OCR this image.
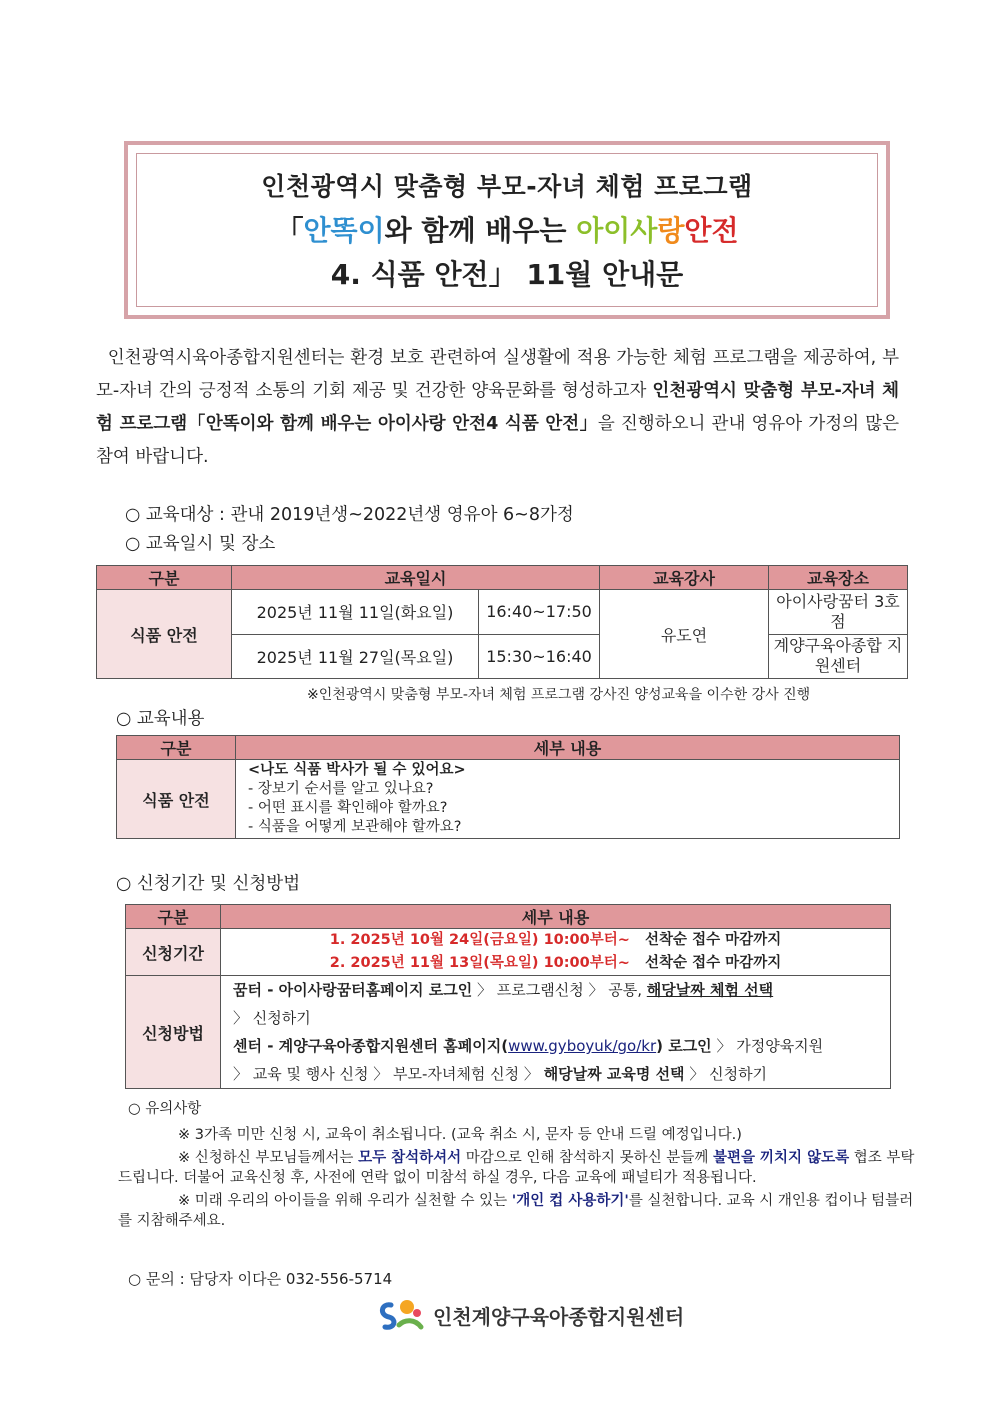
인천광역시 맞춤형 부모-자녀 체험 프로그램
「안똑이와 함께 배우는 아이사랑안전
4. 식품 안전」 11월 안내문
인천광역시육아종합지원센터는 환경 보호 관련하여 실생활에 적용 가능한 체험 프로그램을 제공하여, 부모-자녀 간의 긍정적 소통의 기회 제공 및 건강한 양육문화를 형성하고자 인천광역시 맞춤형 부모-자녀 체험 프로그램「안똑이와 함께 배우는 아이사랑 안전4 식품 안전」을 진행하오니 관내 영유아 가정의 많은 참여 바랍니다.
○ 교육대상 : 관내 2019년생~2022년생 영유아 6~8가정
○ 교육일시 및 장소
구분	교육일시		교육강사	교육장소
식품 안전	2025년 11월 11일(화요일)	16:40~17:50	유도연	아이사랑꿈터 3호점
	2025년 11월 27일(목요일)	15:30~16:40		계양구육아종합 지원센터
※인천광역시 맞춤형 부모-자녀 체험 프로그램 강사진 양성교육을 이수한 강사 진행
○ 교육내용
구분	세부 내용
식품 안전	<나도 식품 박사가 될 수 있어요>
- 장보기 순서를 알고 있나요?
- 어떤 표시를 확인해야 할까요?
- 식품을 어떻게 보관해야 할까요?
○ 신청기간 및 신청방법
구분	세부 내용
신청기간	1. 2025년 10월 24일(금요일) 10:00부터~ 선착순 접수 마감까지
2. 2025년 11월 13일(목요일) 10:00부터~ 선착순 접수 마감까지

신청방법	꿈터 - 아이사랑꿈터홈페이지 로그인 〉 프로그램신청 〉 공통, 해당날짜 체험 선택
〉 신청하기
센터 - 계양구육아종합지원센터 홈페이지(www.gyboyuk/go/kr) 로그인 〉 가정양육지원
〉 교육 및 행사 신청 〉 부모-자녀체험 신청 〉 해당날짜 교육명 선택 〉 신청하기
○ 유의사항
※ 3가족 미만 신청 시, 교육이 취소됩니다. (교육 취소 시, 문자 등 안내 드릴 예정입니다.)
※ 신청하신 부모님들께서는 모두 참석하셔서 마감으로 인해 참석하지 못하신 분들께 불편을 끼치지 않도록 협조 부탁드립니다. 더불어 교육신청 후, 사전에 연락 없이 미참석 하실 경우, 다음 교육에 패널티가 적용됩니다.
※ 미래 우리의 아이들을 위해 우리가 실천할 수 있는 '개인 컵 사용하기'를 실천합니다. 교육 시 개인용 컵이나 텀블러를 지참해주세요.
○ 문의 : 담당자 이다은 032-556-5714
인천계양구육아종합지원센터
